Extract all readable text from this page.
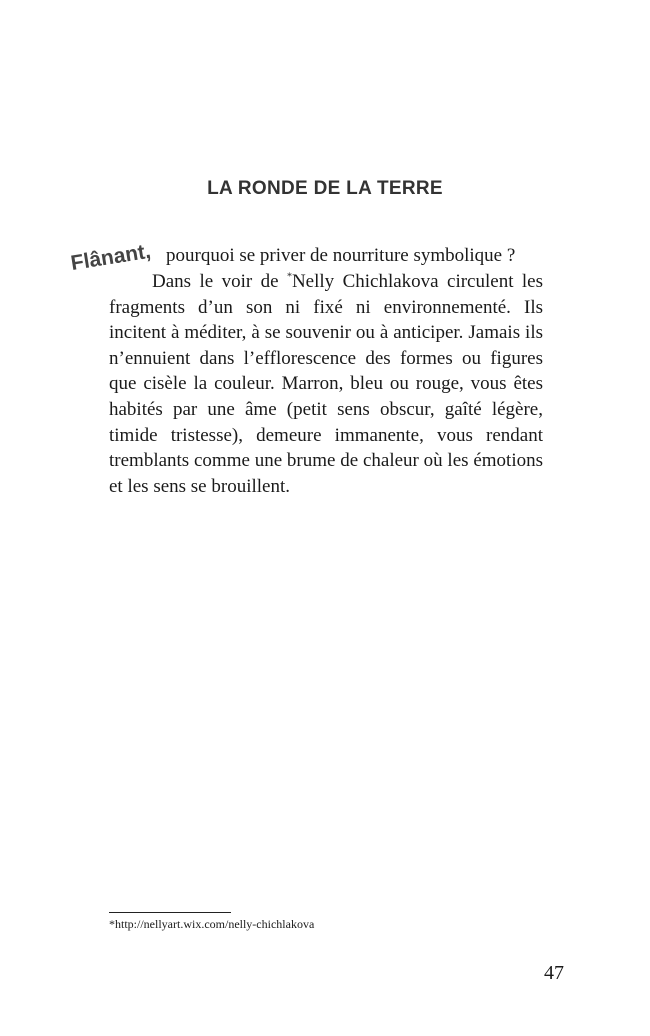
LA RONDE DE LA TERRE
Flânant, pourquoi se priver de nourriture symbolique ?

Dans le voir de *Nelly Chichlakova circulent les fragments d’un son ni fixé ni environnementé. Ils incitent à méditer, à se souvenir ou à anticiper. Jamais ils n’ennuient dans l’efflorescence des formes ou figures que cisèle la couleur. Marron, bleu ou rouge, vous êtes habités par une âme (petit sens obscur, gaîté légère, timide tristesse), demeure immanente, vous rendant tremblants comme une brume de chaleur où les émotions et les sens se brouillent.

*http://nellyart.wix.com/nelly-chichlakova
47
